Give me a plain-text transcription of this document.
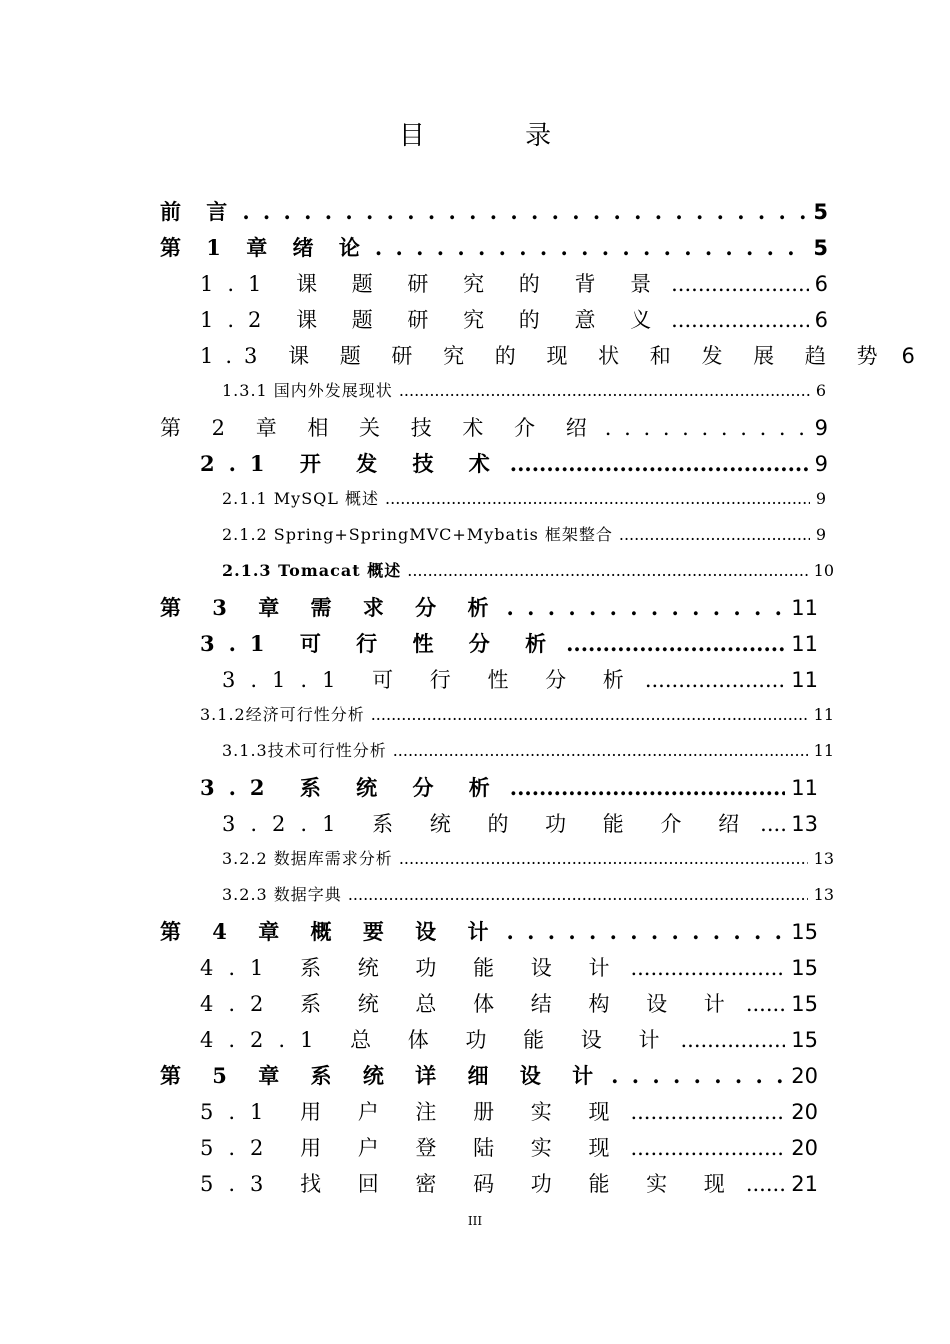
目 录
前 言 . . .	5
第 1 章 绪 论 . . .	5
1.1 课 题 研 究 的 背 景 .....	6
1.2 课 题 研 究 的 意 义 .....	6
1.3 课 题 研 究 的 现 状 和 发 展 趋 势 6
1.3.1 国内外发展现状 .....	6
第 2 章 相 关 技 术 介 绍 . . .	9
2.1 开 发 技 术 .....	9
2.1.1 MySQL 概述 .....	9
2.1.2 Spring+SpringMVC+Mybatis 框架整合 .....	9
2.1.3 Tomacat 概述 .....	10
第 3 章 需 求 分 析 . . .	11
3.1 可 行 性 分 析 .....	11
3.1.1 可 行 性 分 析 .....	11
3.1.2经济可行性分析 .....	11
3.1.3技术可行性分析 .....	11
3.2 系 统 分 析 .....	11
3.2.1 系 统 的 功 能 介 绍 ..... 13
3.2.2 数据库需求分析 .....	13
3.2.3 数据字典 .....	13
第 4 章 概 要 设 计 . . .	15
4.1 系 统 功 能 设 计 .....	15
4.2 系 统 总 体 结 构 设 计 ..... 15
4.2.1 总 体 功 能 设 计 .....	15
第 5 章 系 统 详 细 设 计 . . .	20
5.1 用 户 注 册 实 现 .....	20
5.2 用 户 登 陆 实 现 .....	20
5.3 找 回 密 码 功 能 实 现 ..... 21
III
